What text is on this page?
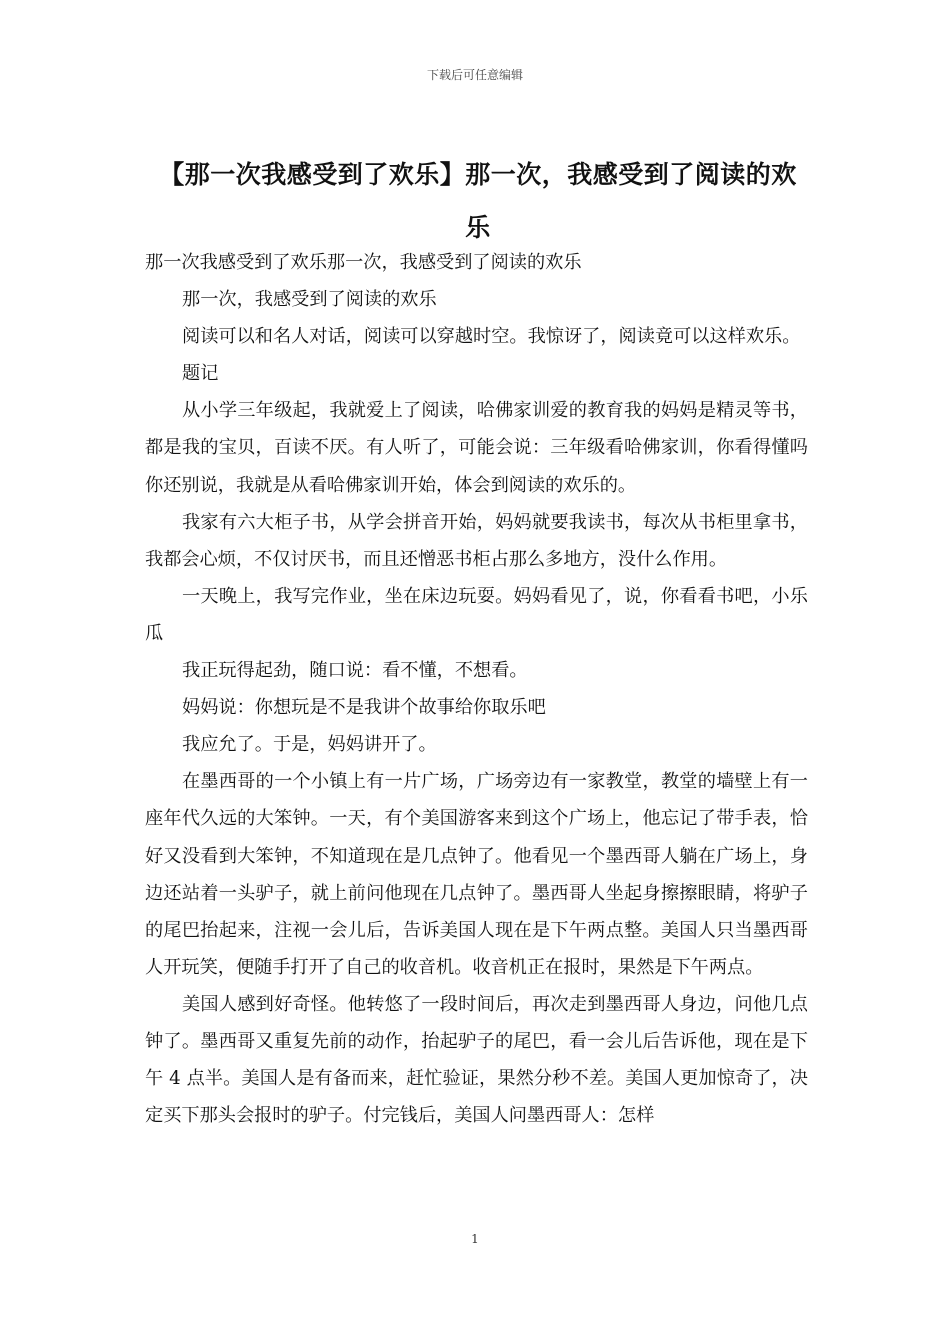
下载后可任意编辑
【那一次我感受到了欢乐】那一次，我感受到了阅读的欢乐

那一次我感受到了欢乐那一次，我感受到了阅读的欢乐

那一次，我感受到了阅读的欢乐

阅读可以和名人对话，阅读可以穿越时空。我惊讶了，阅读竟可以这样欢乐。

题记

从小学三年级起，我就爱上了阅读，哈佛家训爱的教育我的妈妈是精灵等书，都是我的宝贝，百读不厌。有人听了，可能会说：三年级看哈佛家训，你看得懂吗你还别说，我就是从看哈佛家训开始，体会到阅读的欢乐的。

我家有六大柜子书，从学会拼音开始，妈妈就要我读书，每次从书柜里拿书，我都会心烦，不仅讨厌书，而且还憎恶书柜占那么多地方，没什么作用。

一天晚上，我写完作业，坐在床边玩耍。妈妈看见了，说，你看看书吧，小乐瓜

我正玩得起劲，随口说：看不懂，不想看。

妈妈说：你想玩是不是我讲个故事给你取乐吧

我应允了。于是，妈妈讲开了。

在墨西哥的一个小镇上有一片广场，广场旁边有一家教堂，教堂的墙壁上有一座年代久远的大笨钟。一天，有个美国游客来到这个广场上，他忘记了带手表，恰好又没看到大笨钟，不知道现在是几点钟了。他看见一个墨西哥人躺在广场上，身边还站着一头驴子，就上前问他现在几点钟了。墨西哥人坐起身擦擦眼睛，将驴子的尾巴抬起来，注视一会儿后，告诉美国人现在是下午两点整。美国人只当墨西哥人开玩笑，便随手打开了自己的收音机。收音机正在报时，果然是下午两点。

美国人感到好奇怪。他转悠了一段时间后，再次走到墨西哥人身边，问他几点钟了。墨西哥又重复先前的动作，抬起驴子的尾巴，看一会儿后告诉他，现在是下午 4 点半。美国人是有备而来，赶忙验证，果然分秒不差。美国人更加惊奇了，决定买下那头会报时的驴子。付完钱后，美国人问墨西哥人：怎样

1
